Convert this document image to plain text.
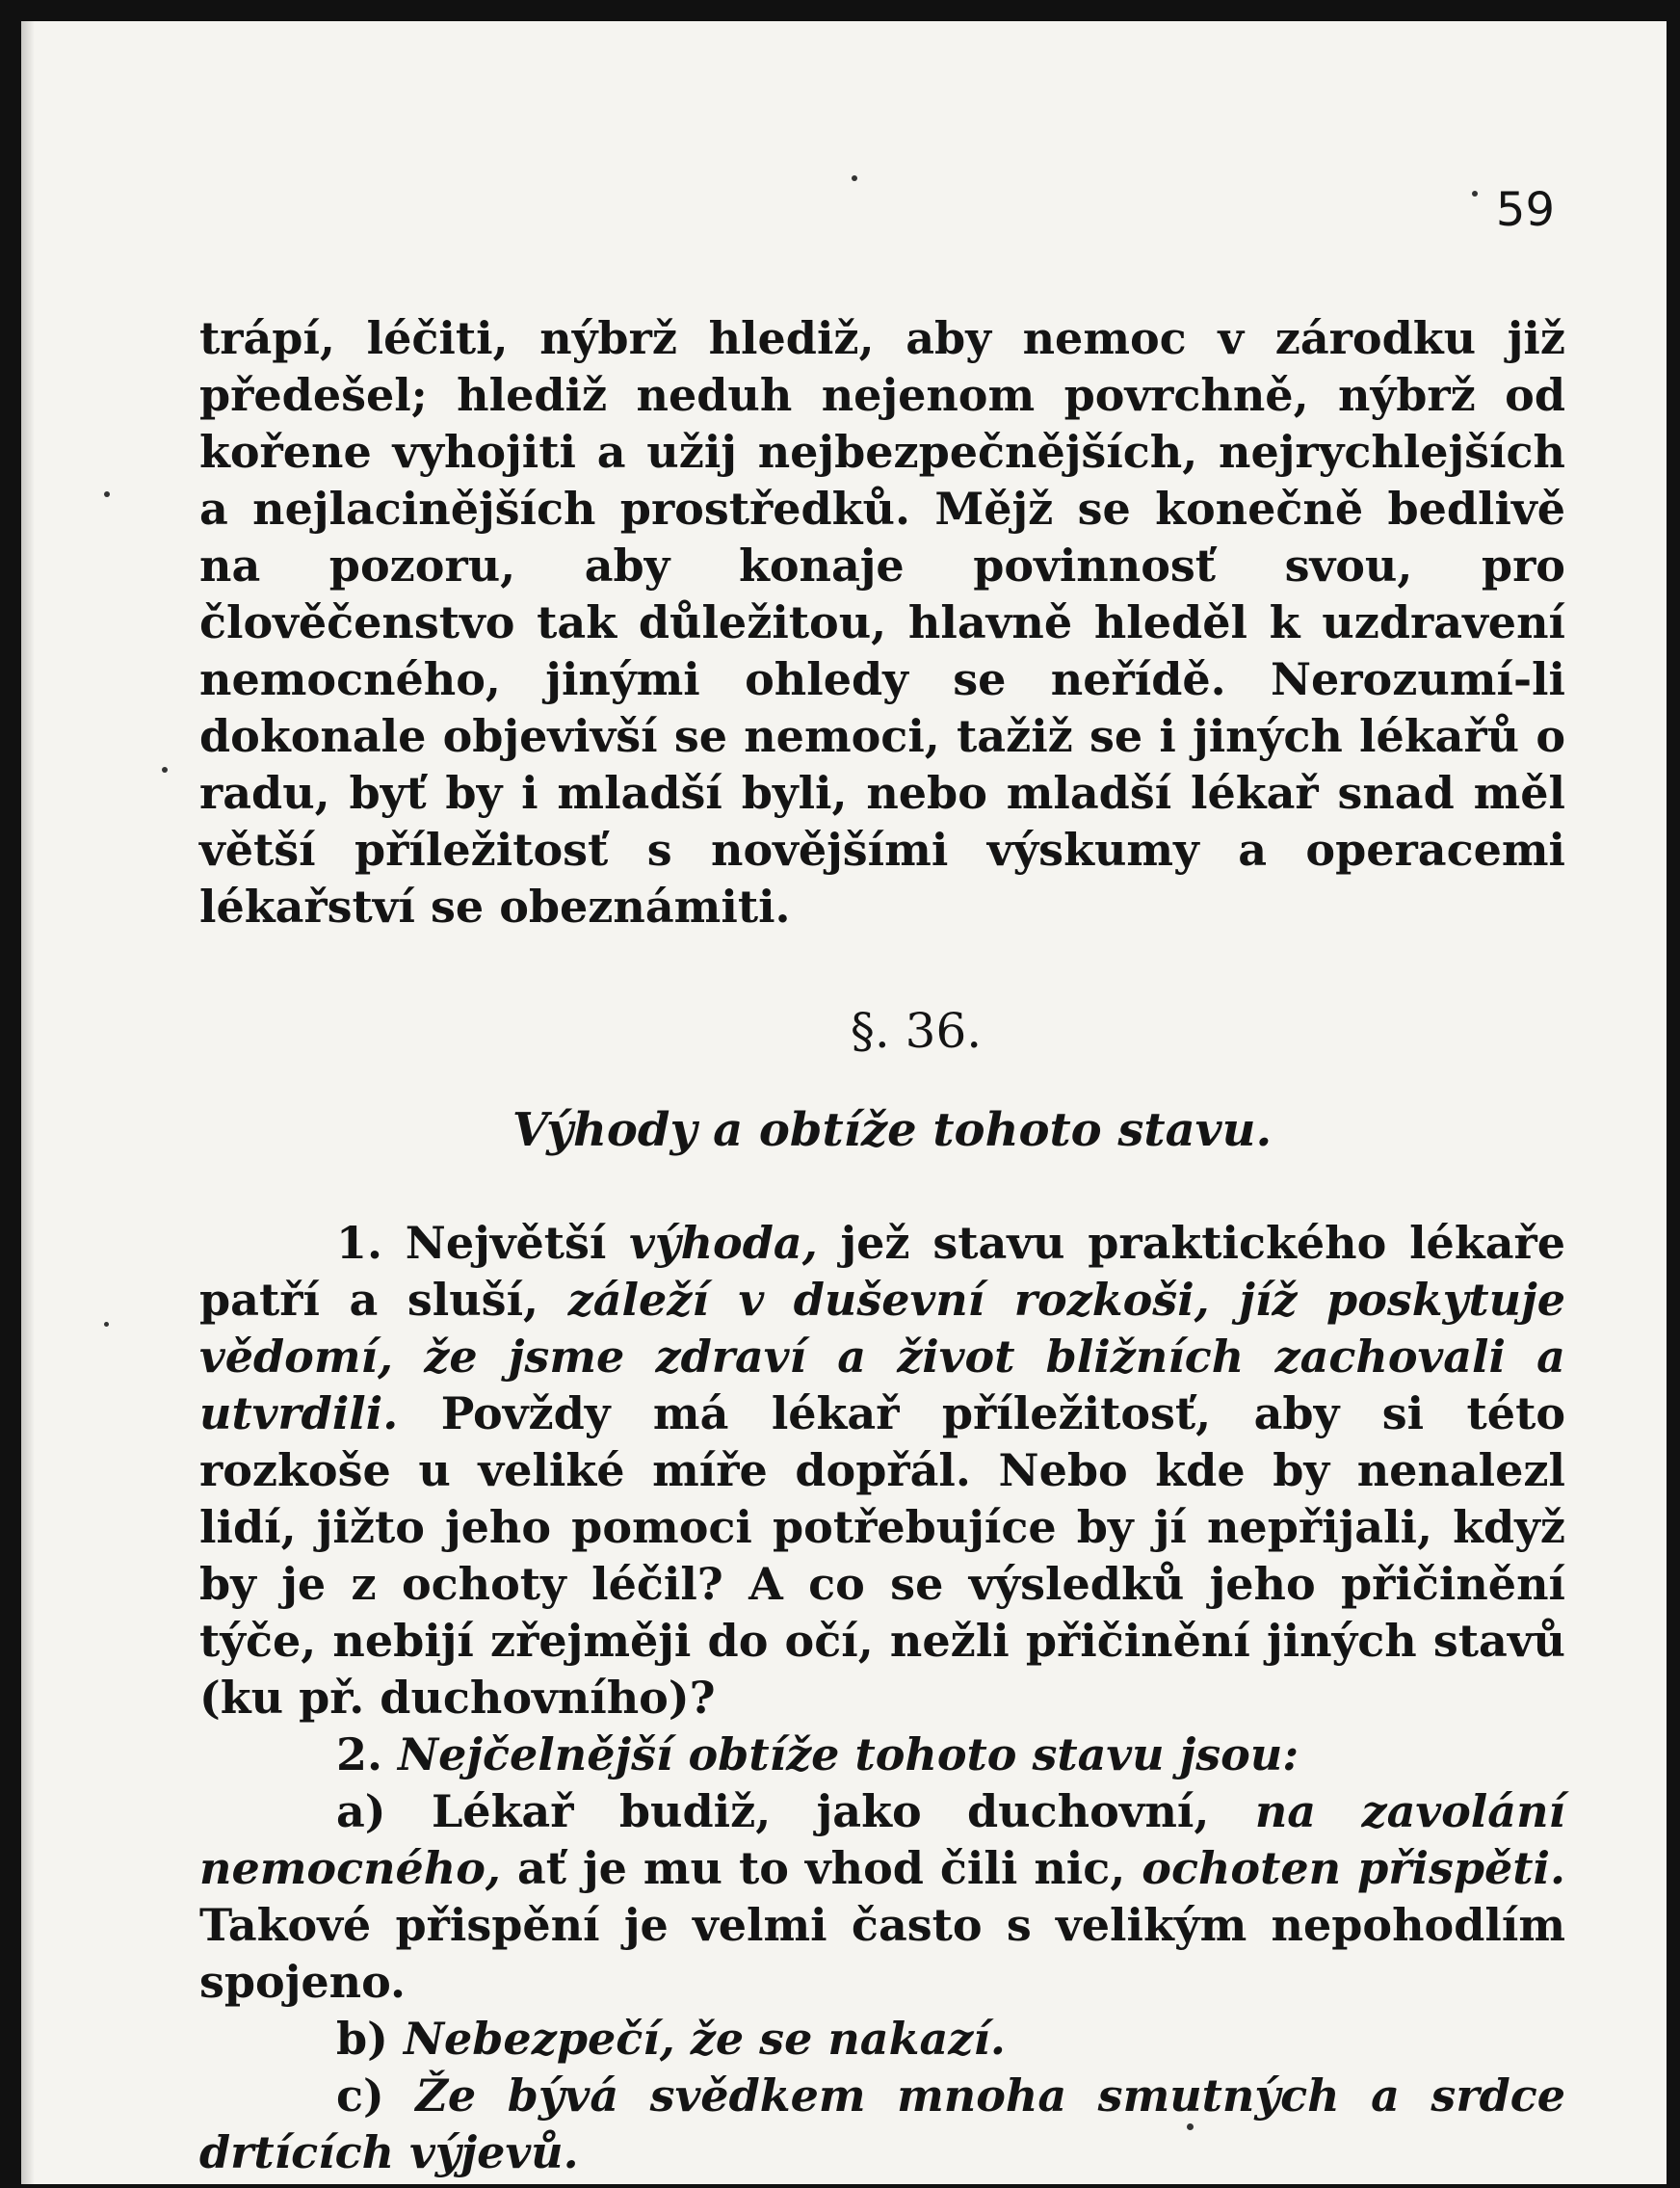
59

trápí, léčiti, nýbrž hlediž, aby nemoc v zárodku již předešel; hlediž neduh nejenom povrchně, nýbrž od kořene vyhojiti a užij nejbezpečnějších, nejrychlejších a nejlacinějších prostředků. Mějž se konečně bedlivě na pozoru, aby konaje povinnosť svou, pro člověčenstvo tak důležitou, hlavně hleděl k uzdravení nemocného, jinými ohledy se neřídě. Nerozumí-li dokonale objevivší se nemoci, tažiž se i jiných lékařů o radu, byť by i mladší byli, nebo mladší lékař snad měl větší příležitosť s novějšími výskumy a operacemi lékařství se obeznámiti.

§. 36.

Výhody a obtíže tohoto stavu.

1. Největší výhoda, jež stavu praktického lékaře patří a sluší, záleží v duševní rozkoši, jíž poskytuje vědomí, že jsme zdraví a život bližních zachovali a utvrdili. Povždy má lékař příležitosť, aby si této rozkoše u veliké míře dopřál. Nebo kde by nenalezl lidí, jižto jeho pomoci potřebujíce by jí nepřijali, když by je z ochoty léčil? A co se výsledků jeho přičinění týče, nebijí zřejměji do očí, nežli přičinění jiných stavů (ku př. duchovního)?

2. Nejčelnější obtíže tohoto stavu jsou:

a) Lékař budiž, jako duchovní, na zavolání nemocného, ať je mu to vhod čili nic, ochoten přispěti. Takové přispění je velmi často s velikým nepohodlím spojeno.

b) Nebezpečí, že se nakazí.

c) Že bývá svědkem mnoha smutných a srdce drtících výjevů.
